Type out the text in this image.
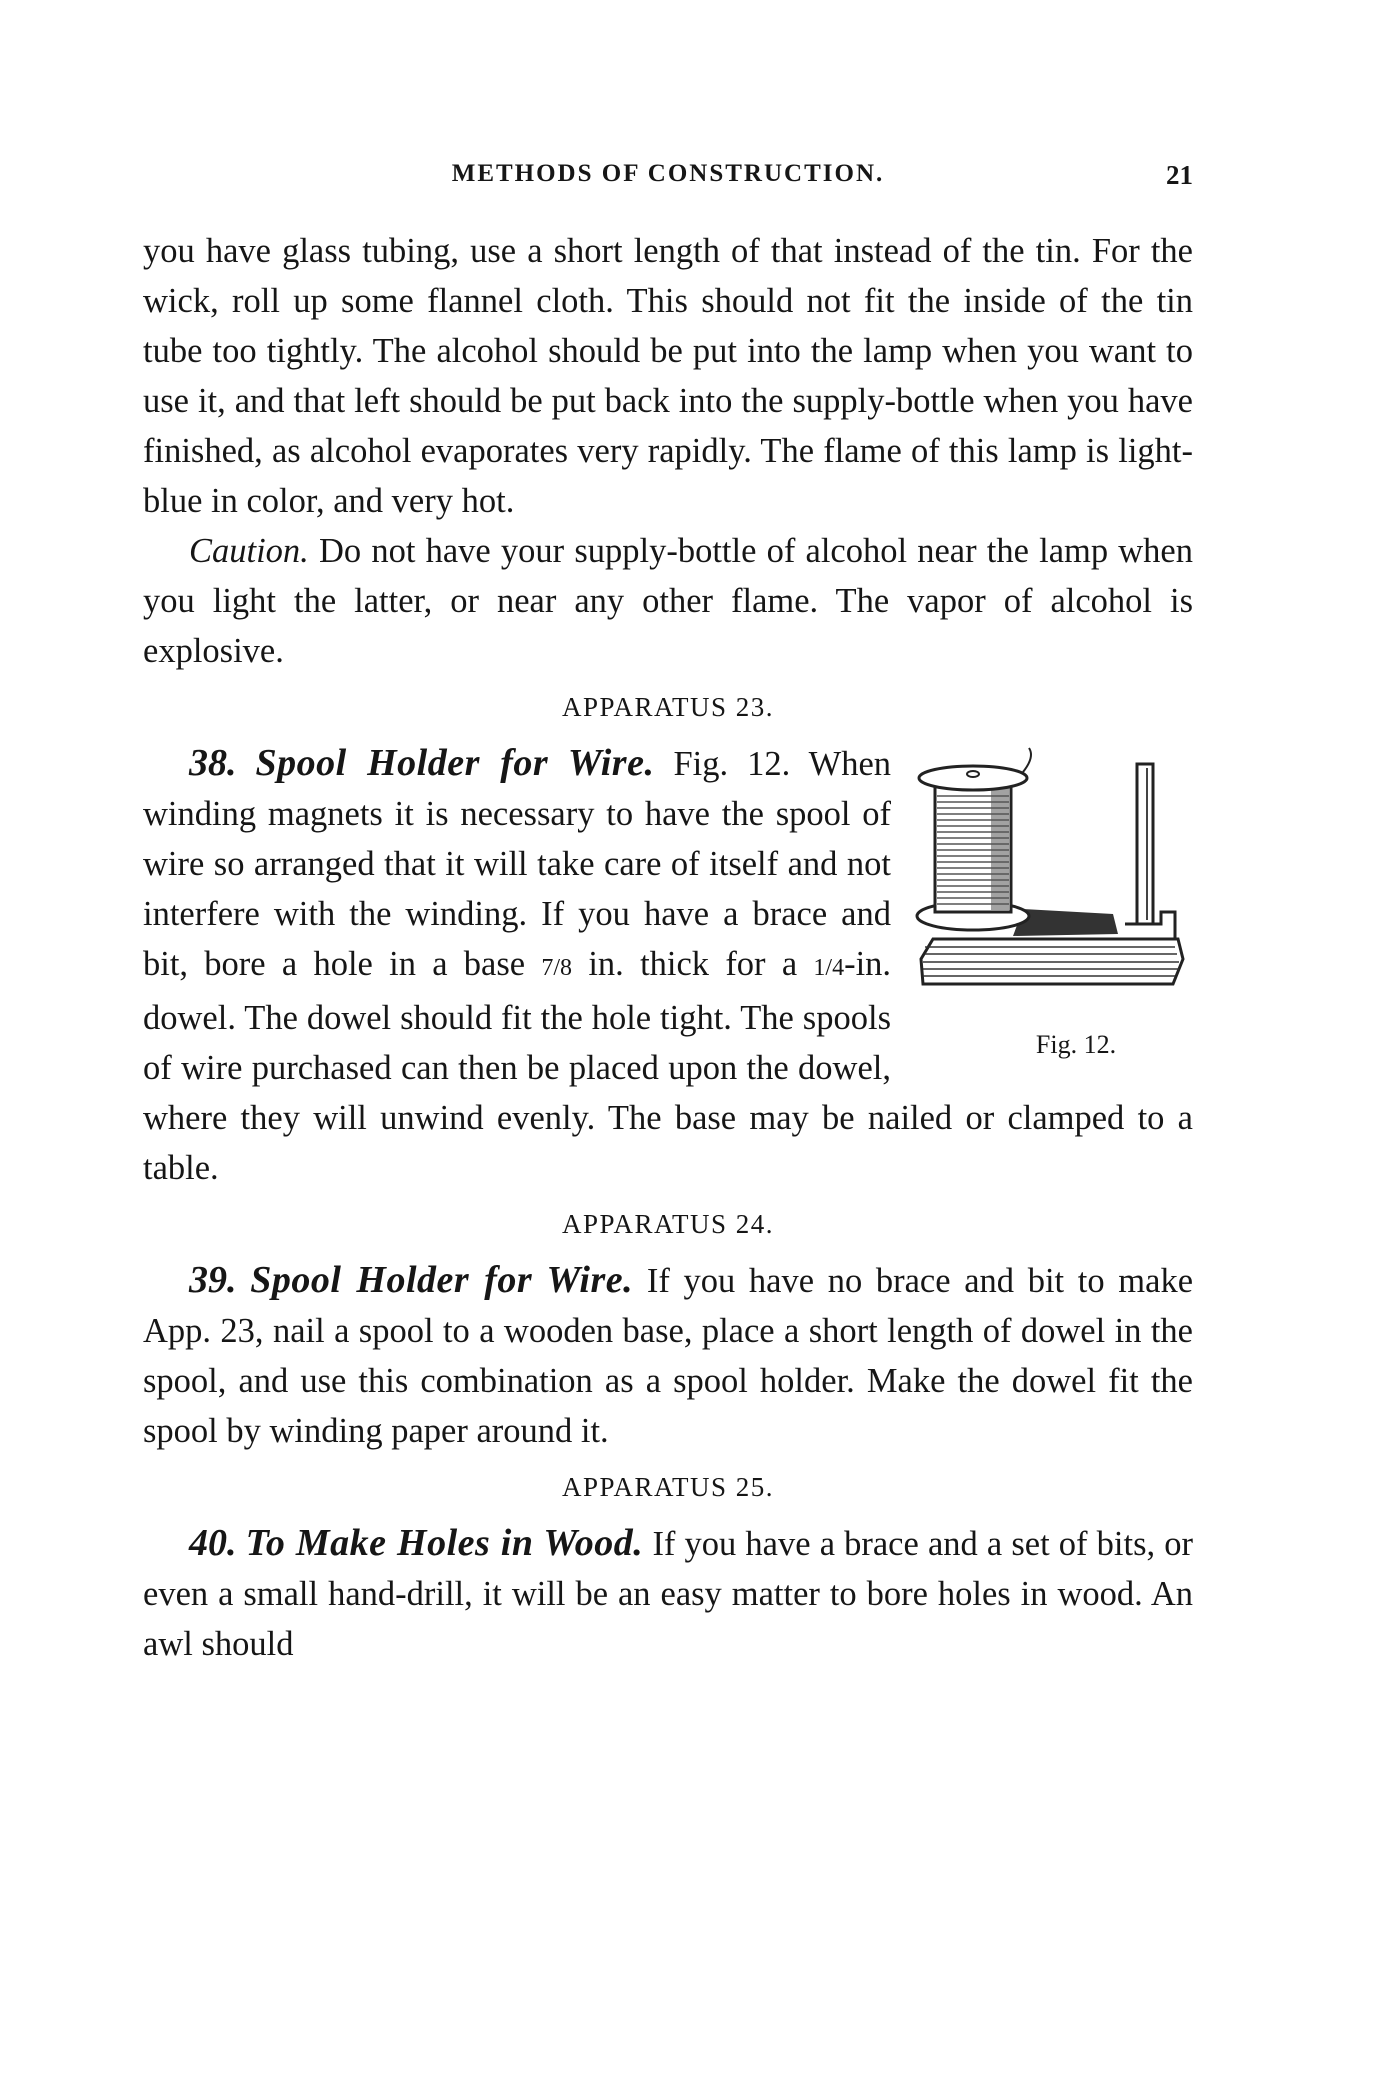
METHODS OF CONSTRUCTION.	21

you have glass tubing, use a short length of that instead of the tin. For the wick, roll up some flannel cloth. This should not fit the inside of the tin tube too tightly. The alcohol should be put into the lamp when you want to use it, and that left should be put back into the supply-bottle when you have finished, as alcohol evaporates very rapidly. The flame of this lamp is light-blue in color, and very hot.

Caution. Do not have your supply-bottle of alcohol near the lamp when you light the latter, or near any other flame. The vapor of alcohol is explosive.

APPARATUS 23.

38. Spool Holder for Wire.
Fig. 12.
Fig. 12. When winding magnets it is necessary to have the spool of wire so arranged that it will take care of itself and not interfere with the winding. If you have a brace and bit, bore a hole in a base 7/8 in. thick for a 1/4-in. dowel. The dowel should fit the hole tight. The spools of wire purchased can then be placed upon the dowel, where they will unwind evenly. The base may be nailed or clamped to a table.

APPARATUS 24.

39. Spool Holder for Wire. If you have no brace and bit to make App. 23, nail a spool to a wooden base, place a short length of dowel in the spool, and use this combination as a spool holder. Make the dowel fit the spool by winding paper around it.

APPARATUS 25.

40. To Make Holes in Wood. If you have a brace and a set of bits, or even a small hand-drill, it will be an easy matter to bore holes in wood. An awl should
